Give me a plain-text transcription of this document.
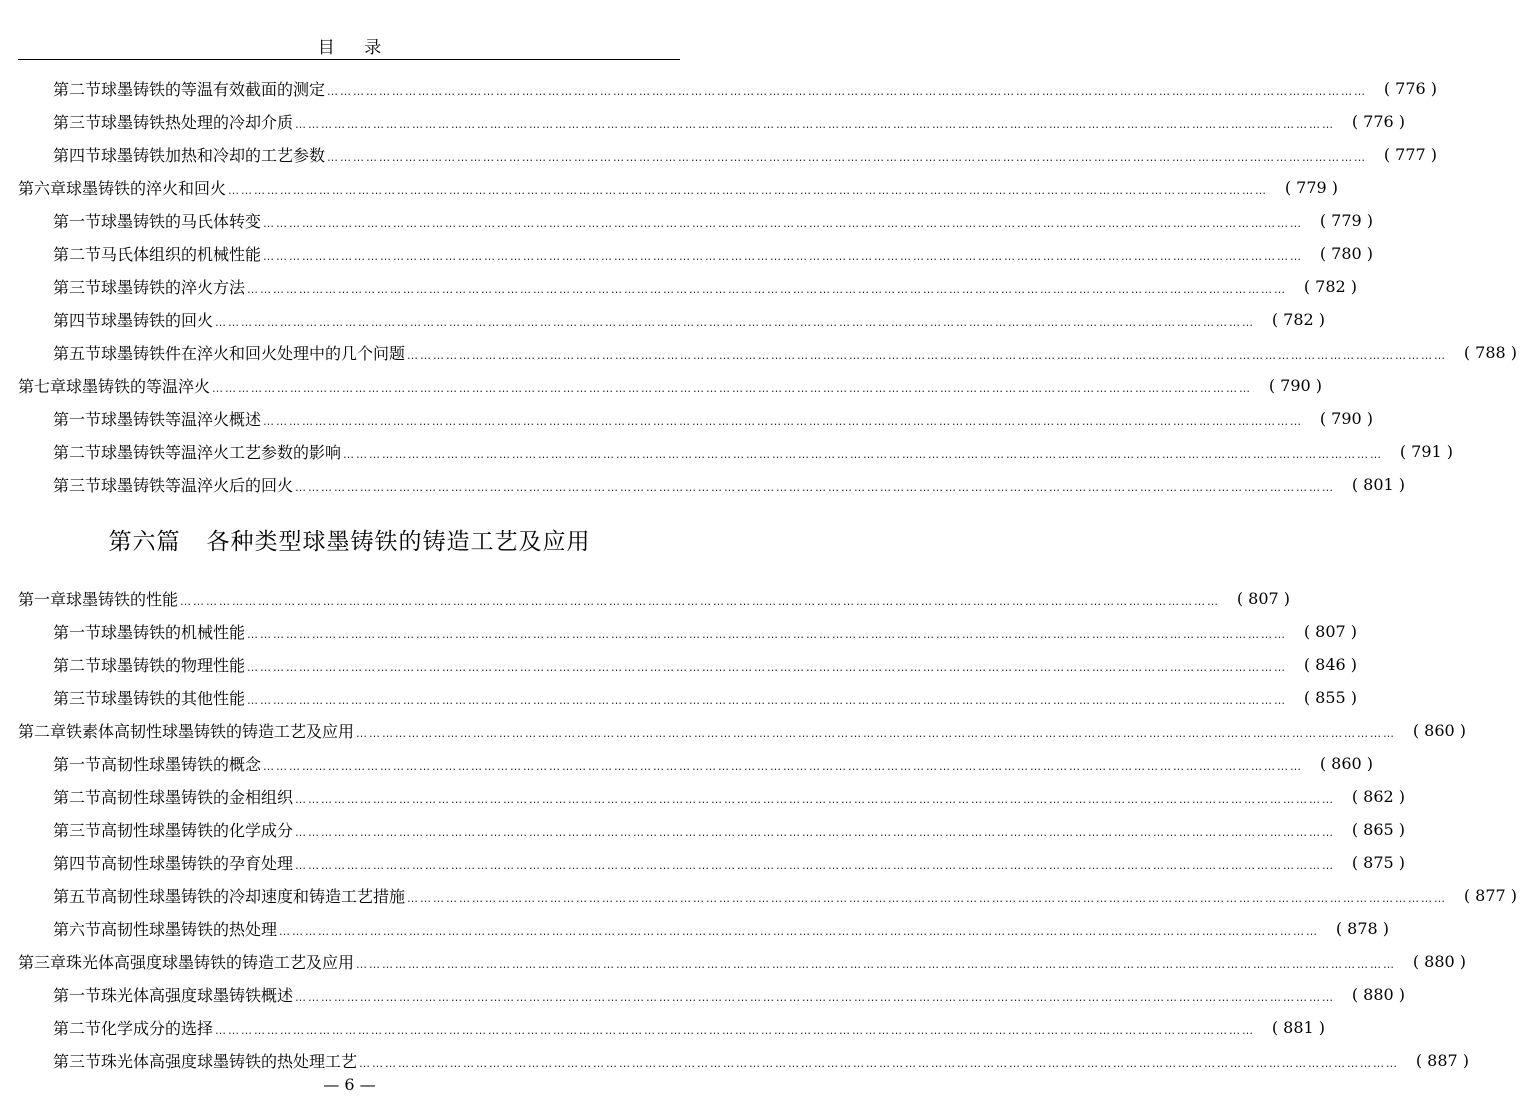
目 录
第二节 球墨铸铁的等温有效截面的测定 ……………………………………………………………………………………………………………………………………………………………………………………………………………………	( 776 )
第三节 球墨铸铁热处理的冷却介质 ……………………………………………………………………………………………………………………………………………………………………………………………………………………	( 776 )
第四节 球墨铸铁加热和冷却的工艺参数 ……………………………………………………………………………………………………………………………………………………………………………………………………………………	( 777 )
第六章 球墨铸铁的淬火和回火 ……………………………………………………………………………………………………………………………………………………………………………………………………………………	( 779 )
第一节 球墨铸铁的马氏体转变 ……………………………………………………………………………………………………………………………………………………………………………………………………………………	( 779 )
第二节 马氏体组织的机械性能 ……………………………………………………………………………………………………………………………………………………………………………………………………………………	( 780 )
第三节 球墨铸铁的淬火方法 ……………………………………………………………………………………………………………………………………………………………………………………………………………………	( 782 )
第四节 球墨铸铁的回火 ……………………………………………………………………………………………………………………………………………………………………………………………………………………	( 782 )
第五节 球墨铸铁件在淬火和回火处理中的几个问题 ……………………………………………………………………………………………………………………………………………………………………………………………………………………	( 788 )
第七章 球墨铸铁的等温淬火 ……………………………………………………………………………………………………………………………………………………………………………………………………………………	( 790 )
第一节 球墨铸铁等温淬火概述 ……………………………………………………………………………………………………………………………………………………………………………………………………………………	( 790 )
第二节 球墨铸铁等温淬火工艺参数的影响 ……………………………………………………………………………………………………………………………………………………………………………………………………………………	( 791 )
第三节 球墨铸铁等温淬火后的回火 ……………………………………………………………………………………………………………………………………………………………………………………………………………………	( 801 )
第六篇 各种类型球墨铸铁的铸造工艺及应用
第一章 球墨铸铁的性能 ……………………………………………………………………………………………………………………………………………………………………………………………………………………	( 807 )
第一节 球墨铸铁的机械性能 ……………………………………………………………………………………………………………………………………………………………………………………………………………………	( 807 )
第二节 球墨铸铁的物理性能 ……………………………………………………………………………………………………………………………………………………………………………………………………………………	( 846 )
第三节 球墨铸铁的其他性能 ……………………………………………………………………………………………………………………………………………………………………………………………………………………	( 855 )
第二章 铁素体高韧性球墨铸铁的铸造工艺及应用 ……………………………………………………………………………………………………………………………………………………………………………………………………………………	( 860 )
第一节 高韧性球墨铸铁的概念 ……………………………………………………………………………………………………………………………………………………………………………………………………………………	( 860 )
第二节 高韧性球墨铸铁的金相组织 ……………………………………………………………………………………………………………………………………………………………………………………………………………………	( 862 )
第三节 高韧性球墨铸铁的化学成分 ……………………………………………………………………………………………………………………………………………………………………………………………………………………	( 865 )
第四节 高韧性球墨铸铁的孕育处理 ……………………………………………………………………………………………………………………………………………………………………………………………………………………	( 875 )
第五节 高韧性球墨铸铁的冷却速度和铸造工艺措施 ……………………………………………………………………………………………………………………………………………………………………………………………………………………	( 877 )
第六节 高韧性球墨铸铁的热处理 ……………………………………………………………………………………………………………………………………………………………………………………………………………………	( 878 )
第三章 珠光体高强度球墨铸铁的铸造工艺及应用 ……………………………………………………………………………………………………………………………………………………………………………………………………………………	( 880 )
第一节 珠光体高强度球墨铸铁概述 ……………………………………………………………………………………………………………………………………………………………………………………………………………………	( 880 )
第二节 化学成分的选择 ……………………………………………………………………………………………………………………………………………………………………………………………………………………	( 881 )
第三节 珠光体高强度球墨铸铁的热处理工艺 ……………………………………………………………………………………………………………………………………………………………………………………………………………………	( 887 )
— 6 —
